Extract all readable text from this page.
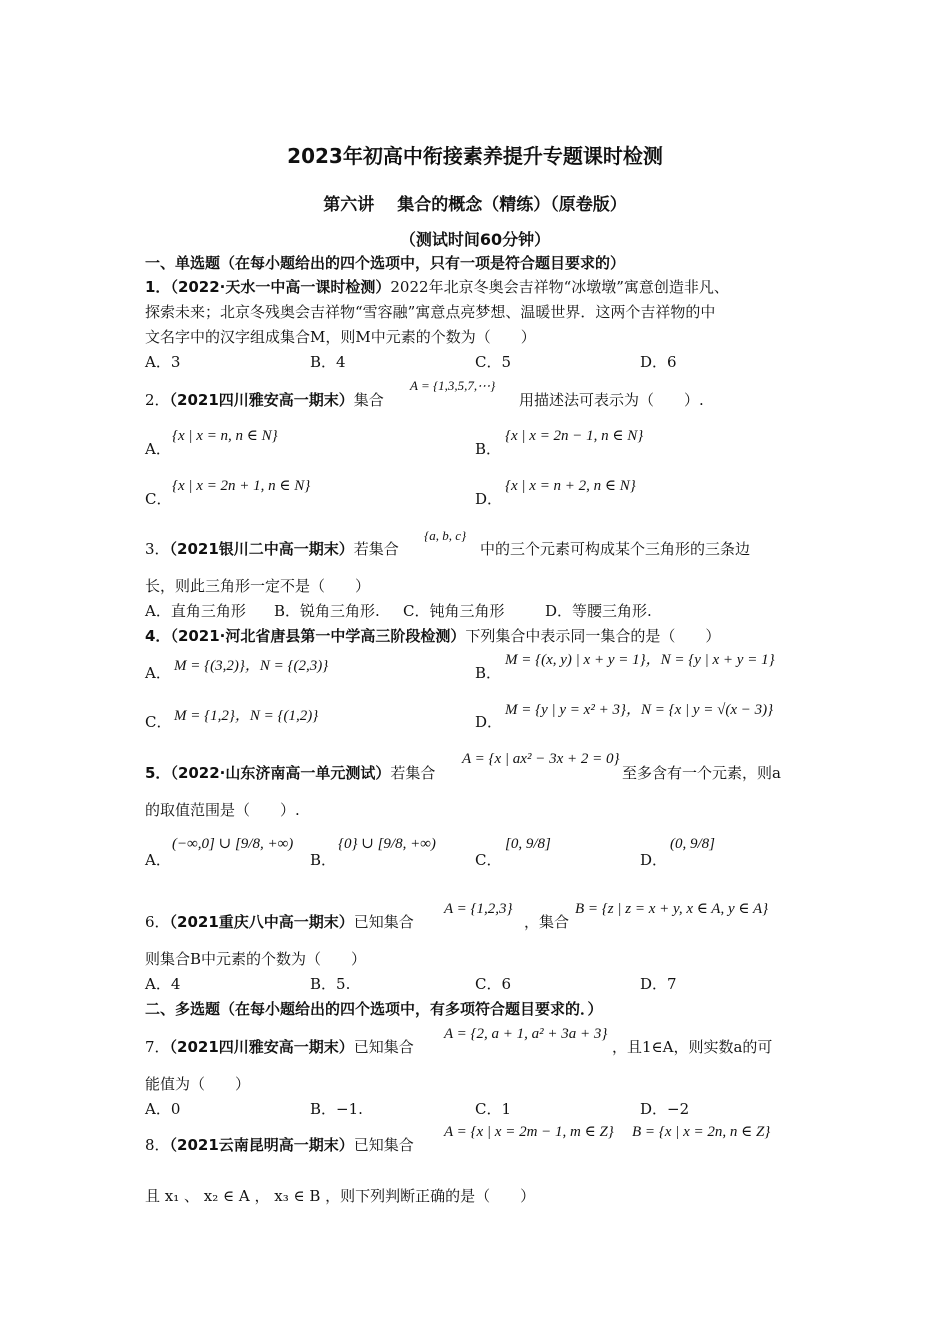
2023年初高中衔接素养提升专题课时检测
第六讲　 集合的概念（精练）（原卷版）
（测试时间60分钟）
一、单选题（在每小题给出的四个选项中，只有一项是符合题目要求的）
1．（2022·天水一中高一课时检测）2022年北京冬奥会吉祥物“冰墩墩”寓意创造非凡、
探索未来；北京冬残奥会吉祥物“雪容融”寓意点亮梦想、温暖世界．这两个吉祥物的中
文名字中的汉字组成集合M，则M中元素的个数为（　　）
A．3	B．4	C．5	D．6
2．（2021四川雅安高一期末）集合
A = {1,3,5,7,⋯}
用描述法可表示为（　　）.
A．
{x | x = n, n ∈ N}
B．
{x | x = 2n − 1, n ∈ N}
C．
{x | x = 2n + 1, n ∈ N}
D．
{x | x = n + 2, n ∈ N}
3．（2021银川二中高一期末）若集合
{a, b, c}
中的三个元素可构成某个三角形的三条边
长，则此三角形一定不是（　　）
A．直角三角形 B．锐角三角形. C．钝角三角形	D．等腰三角形.
4．（2021·河北省唐县第一中学高三阶段检测）下列集合中表示同一集合的是（　　）
A． M = {(3,2)}，N = {(2,3)}	B．
M = {(x, y) | x + y = 1}，N = {y | x + y = 1}
C． M = {1,2}，N = {(1,2)}	D．
M = {y | y = x² + 3}，N = {x | y = √(x − 3)}
5．（2022·山东济南高一单元测试）若集合
A = {x | ax² − 3x + 2 = 0}
至多含有一个元素，则a
的取值范围是（　　）.
A．
(−∞,0] ∪ [9/8, +∞)
B．
{0} ∪ [9/8, +∞)
C．
[0, 9/8]
D．
(0, 9/8]
6．（2021重庆八中高一期末）已知集合
A = {1,2,3}
，集合
B = {z | z = x + y, x ∈ A, y ∈ A}
则集合B中元素的个数为（　　）
A．4	B．5.	C．6	D．7
二、多选题（在每小题给出的四个选项中，有多项符合题目要求的．）
7．（2021四川雅安高一期末）已知集合
A = {2, a + 1, a² + 3a + 3}
，且1∈A，则实数a的可
能值为（　　）
A．0	B．−1.	C．1	D．−2
8．（2021云南昆明高一期末）已知集合
A = {x | x = 2m − 1, m ∈ Z} B = {x | x = 2n, n ∈ Z}
且 x₁ 、 x₂ ∈ A ， x₃ ∈ B ，则下列判断正确的是（　　）
